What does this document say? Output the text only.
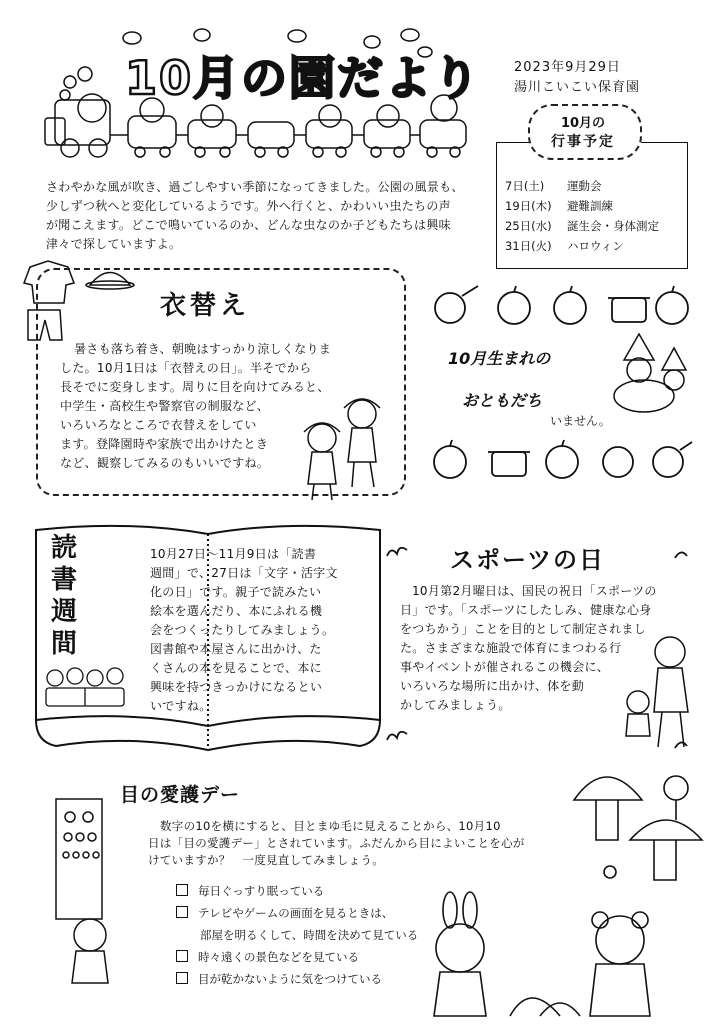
10月の園だより	2023年9月29日
湯川こいこい保育園
10月の
行事予定
7日(土)	運動会
19日(木)	避難訓練
25日(水)	誕生会・身体測定
31日(火)	ハロウィン
さわやかな風が吹き、過ごしやすい季節になってきました。公園の風景も、
少しずつ秋へと変化しているようです。外へ行くと、かわいい虫たちの声
が聞こえます。どこで鳴いているのか、どんな虫なのか子どもたちは興味
津々で探していますよ。
衣替え
暑さも落ち着き、朝晩はすっかり涼しくなりま
した。10月1日は「衣替えの日」。半そでから
長そでに変身します。周りに目を向けてみると、
中学生・高校生や警察官の制服など、
いろいろなところで衣替えをしてい
ます。登降園時や家族で出かけたとき
など、観察してみるのもいいですね。
10月生まれの
おともだち
いません。
読
書
週
間
10月27日～11月9日は「読書
週間」で、27日は「文字・活字文
化の日」です。親子で読みたい
絵本を選んだり、本にふれる機
会をつくったりしてみましょう。
図書館や本屋さんに出かけ、た
くさんの本を見ることで、本に
興味を持つきっかけになるとい
いですね。
スポーツの日
10月第2月曜日は、国民の祝日「スポーツの
日」です。「スポーツにしたしみ、健康な心身
をつちかう」ことを目的として制定されまし
た。さまざまな施設で体育にまつわる行
事やイベントが催されるこの機会に、
いろいろな場所に出かけ、体を動
かしてみましょう。
目の愛護デー
数字の10を横にすると、目とまゆ毛に見えることから、10月10
日は「目の愛護デー」とされています。ふだんから目によいことを心が
けていますか？　一度見直してみましょう。
毎日ぐっすり眠っている
テレビやゲームの画面を見るときは、
部屋を明るくして、時間を決めて見ている
時々遠くの景色などを見ている
目が乾かないように気をつけている
